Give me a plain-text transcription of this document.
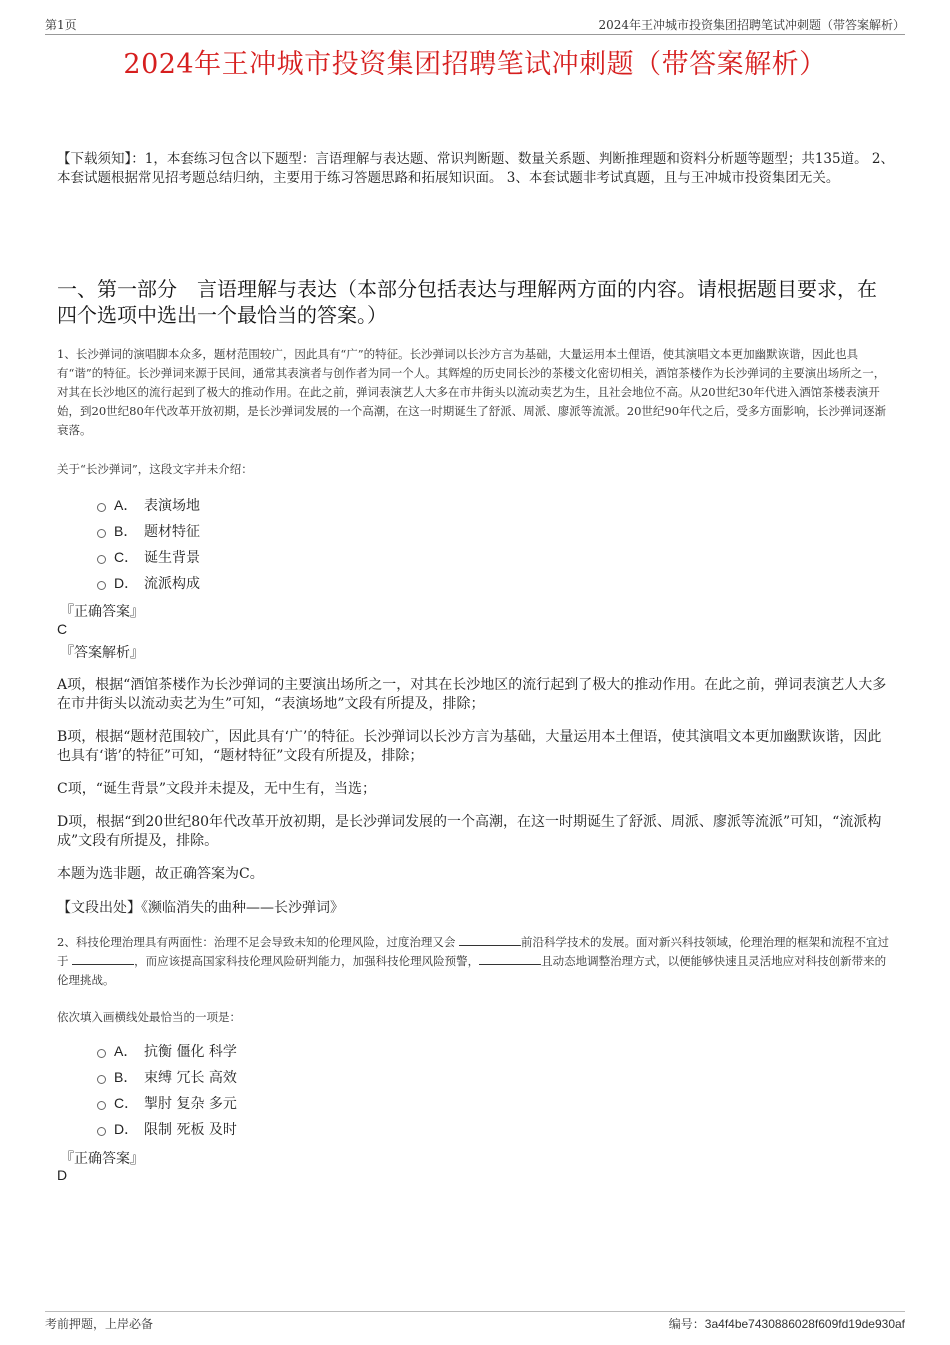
第1页	2024年王冲城市投资集团招聘笔试冲刺题（带答案解析）
2024年王冲城市投资集团招聘笔试冲刺题（带答案解析）
【下载须知】：1，本套练习包含以下题型：言语理解与表达题、常识判断题、数量关系题、判断推理题和资料分析题等题型；共135道。 2、本套试题根据常见招考题总结归纳，主要用于练习答题思路和拓展知识面。 3、本套试题非考试真题，且与王冲城市投资集团无关。
一、第一部分　言语理解与表达（本部分包括表达与理解两方面的内容。请根据题目要求，在四个选项中选出一个最恰当的答案。）
1、长沙弹词的演唱脚本众多，题材范围较广，因此具有“广”的特征。长沙弹词以长沙方言为基础，大量运用本土俚语，使其演唱文本更加幽默诙谐，因此也具有“谐”的特征。长沙弹词来源于民间，通常其表演者与创作者为同一个人。其辉煌的历史同长沙的茶楼文化密切相关，酒馆茶楼作为长沙弹词的主要演出场所之一，对其在长沙地区的流行起到了极大的推动作用。在此之前，弹词表演艺人大多在市井街头以流动卖艺为生，且社会地位不高。从20世纪30年代进入酒馆茶楼表演开始，到20世纪80年代改革开放初期，是长沙弹词发展的一个高潮，在这一时期诞生了舒派、周派、廖派等流派。20世纪90年代之后，受多方面影响，长沙弹词逐渐衰落。
关于“长沙弹词”，这段文字并未介绍：
A． 表演场地
B． 题材特征
C． 诞生背景
D． 流派构成
『正确答案』
C
『答案解析』
A项，根据“酒馆茶楼作为长沙弹词的主要演出场所之一，对其在长沙地区的流行起到了极大的推动作用。在此之前，弹词表演艺人大多在市井街头以流动卖艺为生”可知，“表演场地”文段有所提及，排除；
B项，根据“题材范围较广，因此具有‘广’的特征。长沙弹词以长沙方言为基础，大量运用本土俚语，使其演唱文本更加幽默诙谐，因此也具有‘谐’的特征”可知，“题材特征”文段有所提及，排除；
C项，“诞生背景”文段并未提及，无中生有，当选；
D项，根据“到20世纪80年代改革开放初期，是长沙弹词发展的一个高潮，在这一时期诞生了舒派、周派、廖派等流派”可知，“流派构成”文段有所提及，排除。
本题为选非题，故正确答案为C。
【文段出处】《濒临消失的曲种——长沙弹词》
2、科技伦理治理具有两面性：治理不足会导致未知的伦理风险，过度治理又会	前沿科学技术的发展。面对新兴科技领域，伦理治理的框架和流程不宜过于	，而应该提高国家科技伦理风险研判能力，加强科技伦理风险预警，	且动态地调整治理方式，以便能够快速且灵活地应对科技创新带来的伦理挑战。
依次填入画横线处最恰当的一项是：
A． 抗衡 僵化 科学
B． 束缚 冗长 高效
C． 掣肘 复杂 多元
D． 限制 死板 及时
『正确答案』
D
考前押题，上岸必备	编号：3a4f4be7430886028f609fd19de930af
